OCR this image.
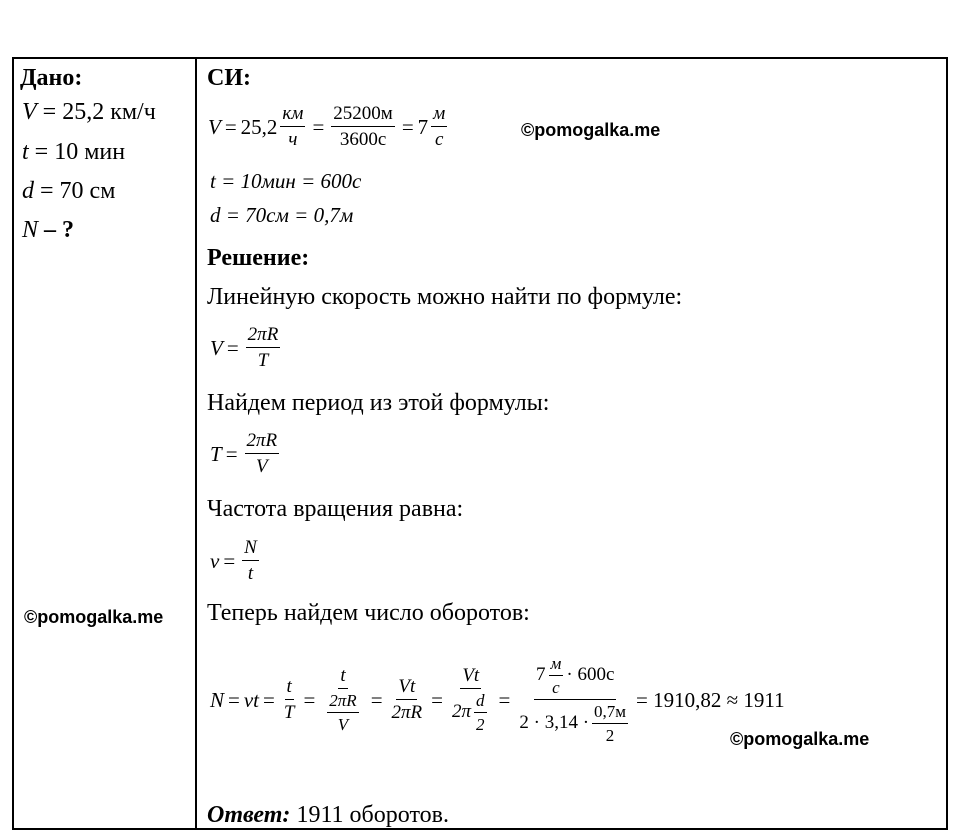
Дано:
V = 25,2 км/ч
t = 10 мин
d = 70 см
N – ?
©pomogalka.me
СИ:
$V = 25,2 \frac{км}{ч} = \frac{25200м}{3600с} = 7 \frac{м}{с}$	©pomogalka.me
t = 10мин = 600с
d = 70см = 0,7м
Решение:
Линейную скорость можно найти по формуле:
$V = \frac{2\pi R}{T}$
Найдем период из этой формулы:
$T = \frac{2\pi R}{V}$
Частота вращения равна:
$\nu = \frac{N}{t}$
Теперь найдем число оборотов:
$N = \nu t = \frac{t}{T} = \frac{t}{\frac{2\pi R}{V}} = \frac{Vt}{2\pi R} = \frac{Vt}{2\pi \frac{d}{2}} = \frac{7 \frac{м}{с} \cdot 600с}{2 \cdot 3,14 \cdot \frac{0,7м}{2}} = 1910,82 \approx 1911$
©pomogalka.me
Ответ: 1911 оборотов.
